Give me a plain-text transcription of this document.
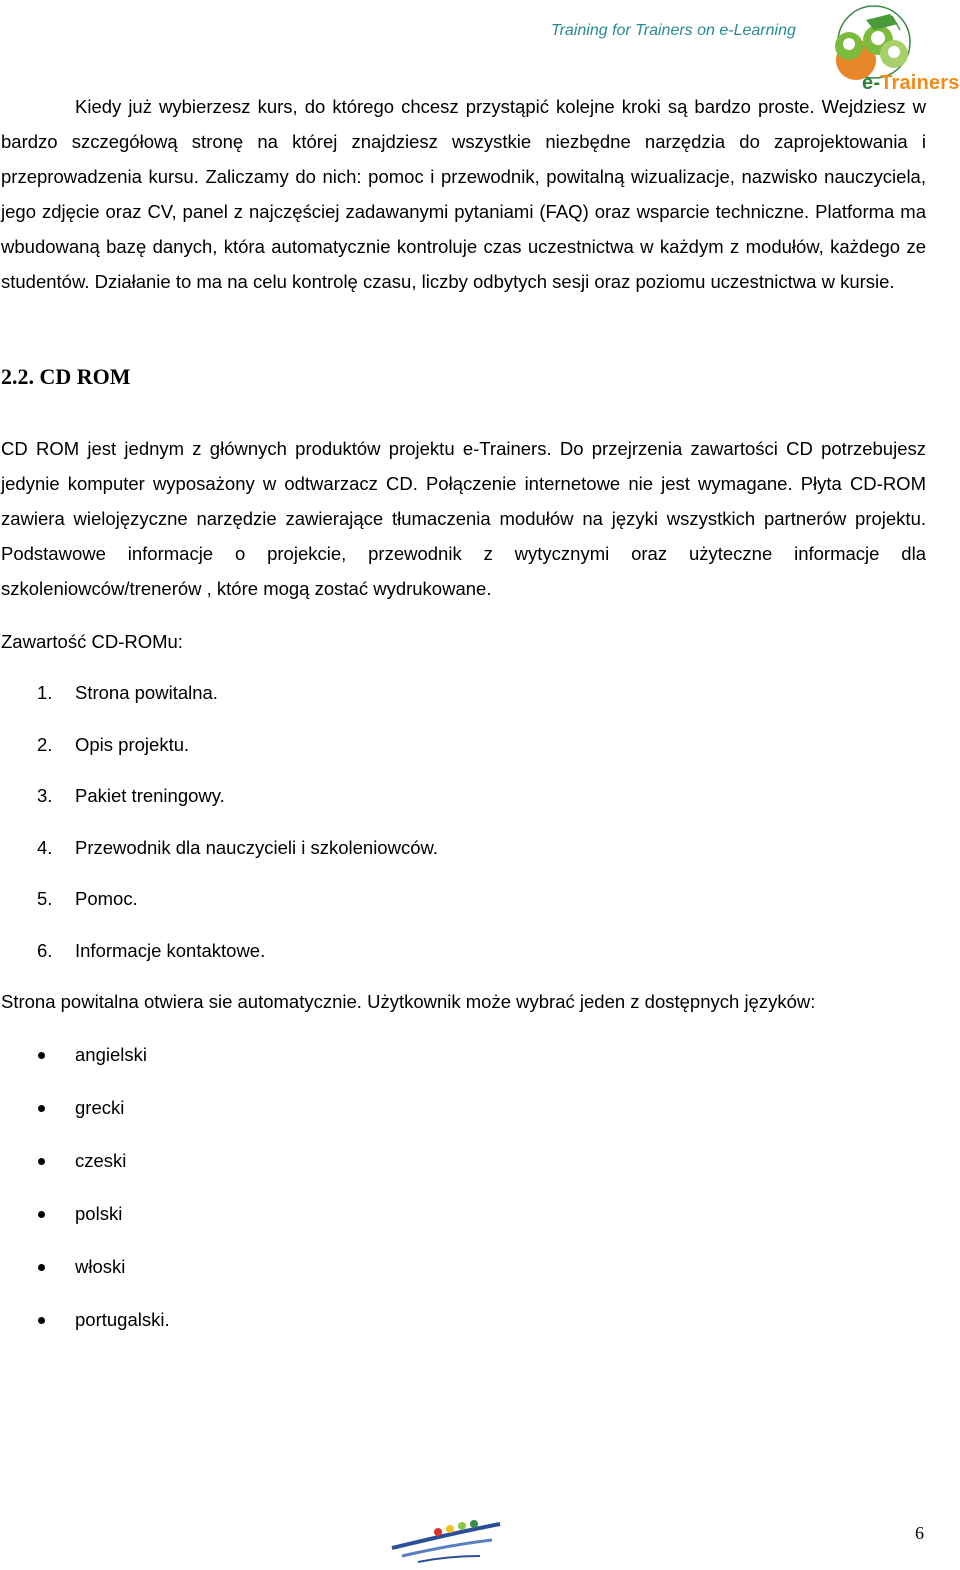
Training for Trainers on e-Learning
e-Trainers

Kiedy już wybierzesz kurs, do którego chcesz przystąpić kolejne kroki są bardzo proste. Wejdziesz w bardzo szczegółową stronę na której znajdziesz wszystkie niezbędne narzędzia do zaprojektowania i przeprowadzenia kursu. Zaliczamy do nich: pomoc i przewodnik, powitalną wizualizacje, nazwisko nauczyciela, jego zdjęcie oraz CV, panel z najczęściej zadawanymi pytaniami (FAQ) oraz wsparcie techniczne. Platforma ma wbudowaną bazę danych, która automatycznie kontroluje czas uczestnictwa w każdym z modułów, każdego ze studentów. Działanie to ma na celu kontrolę czasu, liczby odbytych sesji oraz poziomu uczestnictwa w kursie.

2.2. CD ROM

CD ROM jest jednym z głównych produktów projektu e-Trainers. Do przejrzenia zawartości CD potrzebujesz jedynie komputer wyposażony w odtwarzacz CD. Połączenie internetowe nie jest wymagane. Płyta CD-ROM zawiera wielojęzyczne narzędzie zawierające tłumaczenia modułów na języki wszystkich partnerów projektu. Podstawowe informacje o projekcie, przewodnik z wytycznymi oraz użyteczne informacje dla szkoleniowców/trenerów , które mogą zostać wydrukowane.

Zawartość CD-ROMu:

1. Strona powitalna.
2. Opis projektu.
3. Pakiet treningowy.
4. Przewodnik dla nauczycieli i szkoleniowców.
5. Pomoc.
6. Informacje kontaktowe.

Strona powitalna otwiera sie automatycznie. Użytkownik może wybrać jeden z dostępnych języków:

angielski
grecki
czeski
polski
włoski
portugalski.
6
